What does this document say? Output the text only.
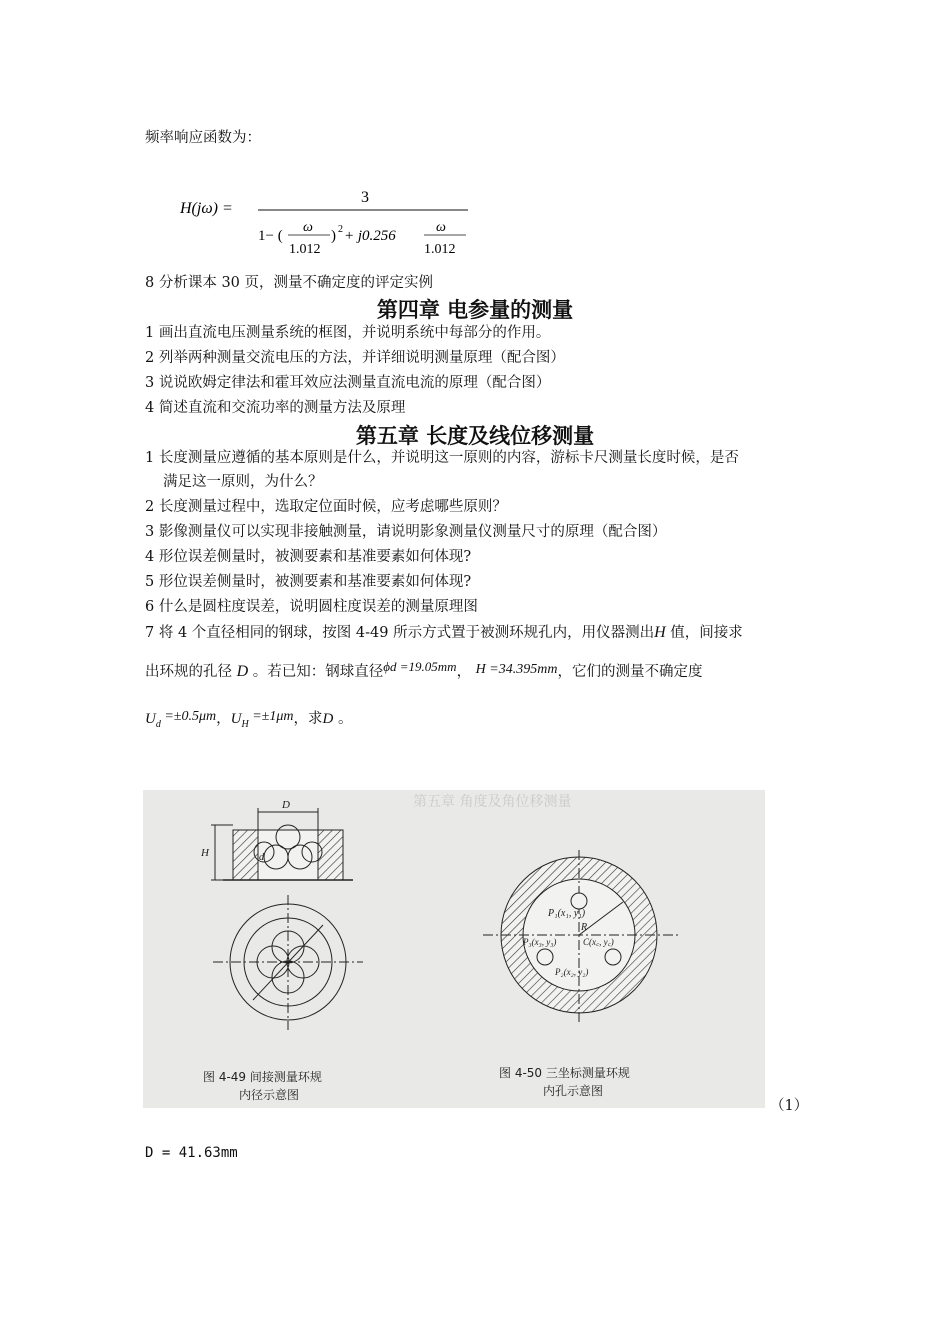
频率响应函数为：
H(jω) =
3
1− (
ω
1.012
) 2 + j0.256
ω
1.012
8 分析课本 30 页，测量不确定度的评定实例
第四章 电参量的测量
1 画出直流电压测量系统的框图，并说明系统中每部分的作用。
2 列举两种测量交流电压的方法，并详细说明测量原理（配合图）
3 说说欧姆定律法和霍耳效应法测量直流电流的原理（配合图）
4 简述直流和交流功率的测量方法及原理
第五章 长度及线位移测量
1 长度测量应遵循的基本原则是什么，并说明这一原则的内容，游标卡尺测量长度时候，是否
满足这一原则，为什么？
2 长度测量过程中，选取定位面时候，应考虑哪些原则？
3 影像测量仪可以实现非接触测量，请说明影象测量仪测量尺寸的原理（配合图）
4 形位误差侧量时，被测要素和基准要素如何体现?
5 形位误差侧量时，被测要素和基准要素如何体现?
6 什么是圆柱度误差，说明圆柱度误差的测量原理图
7 将 4 个直径相同的钢球，按图 4-49 所示方式置于被测环规孔内，用仪器测出H 值，间接求
出环规的孔径 D 。若已知：钢球直径ϕd =19.05mm， H =34.395mm，它们的测量不确定度
$U_d =\pm 0.5\mu m$，$U_H =\pm 1\mu m$，求D 。
第五章 角度及角位移测量
D
H	d
P₁(x₁, y₁)
P₃(x₃, y₃)	C(x꜀, y꜀)
P₂(x₂, y₂)
R
图 4-49 间接测量环规
内径示意图
图 4-50 三坐标测量环规
内孔示意图
（1）
D = 41.63mm
